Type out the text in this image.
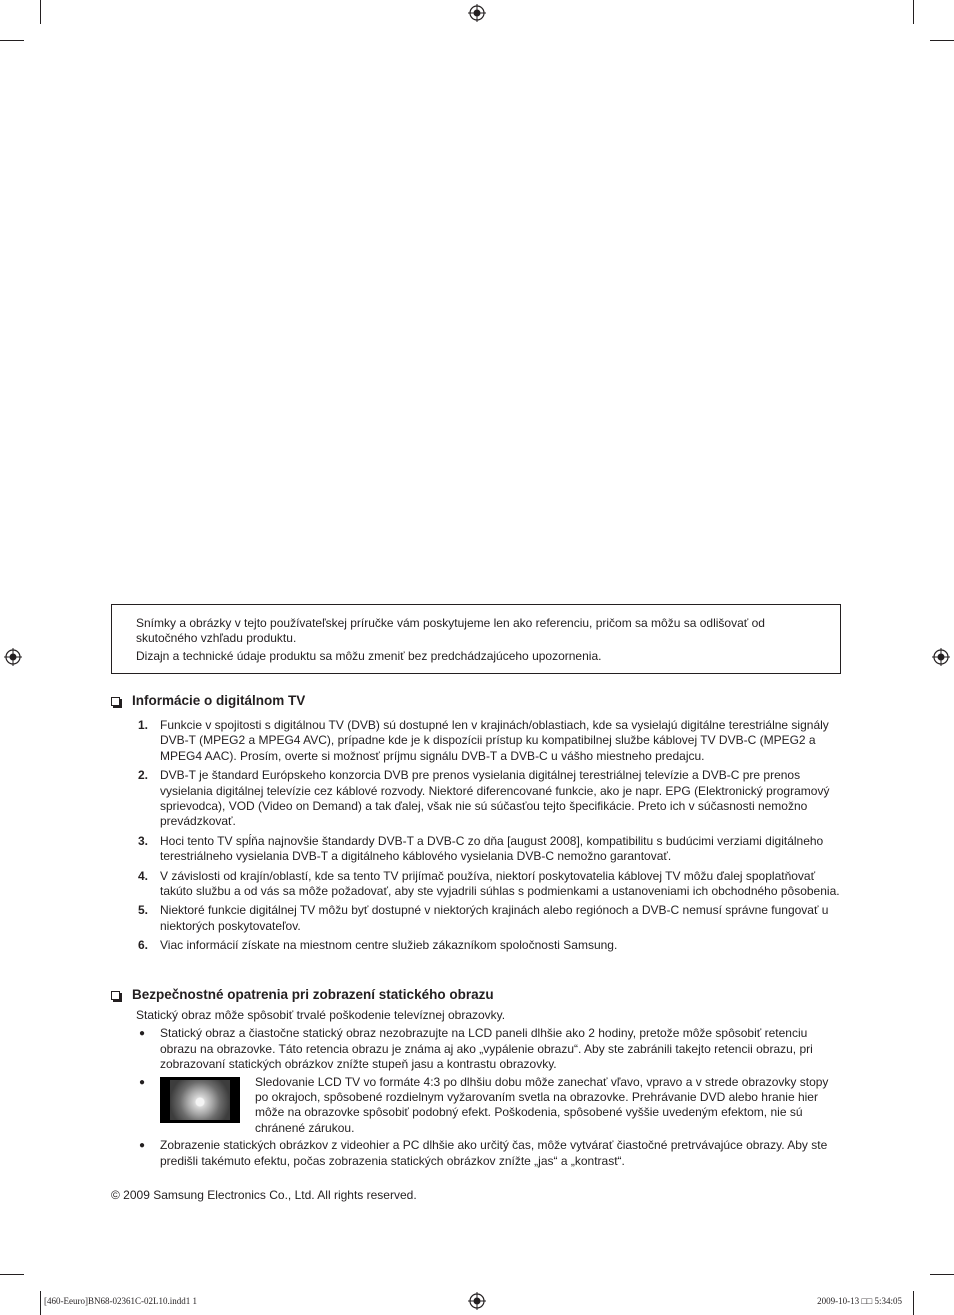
Snímky a obrázky v tejto používateľskej príručke vám poskytujeme len ako referenciu, pričom sa môžu sa odlišovať od skutočného vzhľadu produktu.

Dizajn a technické údaje produktu sa môžu zmeniť bez predchádzajúceho upozornenia.

Informácie o digitálnom TV
1. Funkcie v spojitosti s digitálnou TV (DVB) sú dostupné len v krajinách/oblastiach, kde sa vysielajú digitálne terestriálne signály DVB-T (MPEG2 a MPEG4 AVC), prípadne kde je k dispozícii prístup ku kompatibilnej službe káblovej TV DVB-C (MPEG2 a MPEG4 AAC). Prosím, overte si možnosť príjmu signálu DVB-T a DVB-C u vášho miestneho predajcu.
2. DVB-T je štandard Európskeho konzorcia DVB pre prenos vysielania digitálnej terestriálnej televízie a DVB-C pre prenos vysielania digitálnej televízie cez káblové rozvody. Niektoré diferencované funkcie, ako je napr. EPG (Elektronický programový sprievodca), VOD (Video on Demand) a tak ďalej, však nie sú súčasťou tejto špecifikácie. Preto ich v súčasnosti nemožno prevádzkovať.
3. Hoci tento TV spĺňa najnovšie štandardy DVB-T a DVB-C zo dňa [august 2008], kompatibilitu s budúcimi verziami digitálneho terestriálneho vysielania DVB-T a digitálneho káblového vysielania DVB-C nemožno garantovať.
4. V závislosti od krajín/oblastí, kde sa tento TV prijímač používa, niektorí poskytovatelia káblovej TV môžu ďalej spoplatňovať takúto službu a od vás sa môže požadovať, aby ste vyjadrili súhlas s podmienkami a ustanoveniami ich obchodného pôsobenia.
5. Niektoré funkcie digitálnej TV môžu byť dostupné v niektorých krajinách alebo regiónoch a DVB-C nemusí správne fungovať u niektorých poskytovateľov.
6. Viac informácií získate na miestnom centre služieb zákazníkom spoločnosti Samsung.
Bezpečnostné opatrenia pri zobrazení statického obrazu
Statický obraz môže spôsobiť trvalé poškodenie televíznej obrazovky.
● Statický obraz a čiastočne statický obraz nezobrazujte na LCD paneli dlhšie ako 2 hodiny, pretože môže spôsobiť retenciu obrazu na obrazovke. Táto retencia obrazu je známa aj ako „vypálenie obrazu“. Aby ste zabránili takejto retencii obrazu, pri zobrazovaní statických obrázkov znížte stupeň jasu a kontrastu obrazovky.
●	Sledovanie LCD TV vo formáte 4:3 po dlhšiu dobu môže zanechať vľavo, vpravo a v strede obrazovky stopy po okrajoch, spôsobené rozdielnym vyžarovaním svetla na obrazovke. Prehrávanie DVD alebo hranie hier môže na obrazovke spôsobiť podobný efekt. Poškodenia, spôsobené vyššie uvedeným efektom, nie sú chránené zárukou.
● Zobrazenie statických obrázkov z videohier a PC dlhšie ako určitý čas, môže vytvárať čiastočné pretrvávajúce obrazy. Aby ste predišli takémuto efektu, počas zobrazenia statických obrázkov znížte „jas“ a „kontrast“.
© 2009 Samsung Electronics Co., Ltd. All rights reserved.
[460-Eeuro]BN68-02361C-02L10.indd1 1	2009-10-13 □□ 5:34:05
